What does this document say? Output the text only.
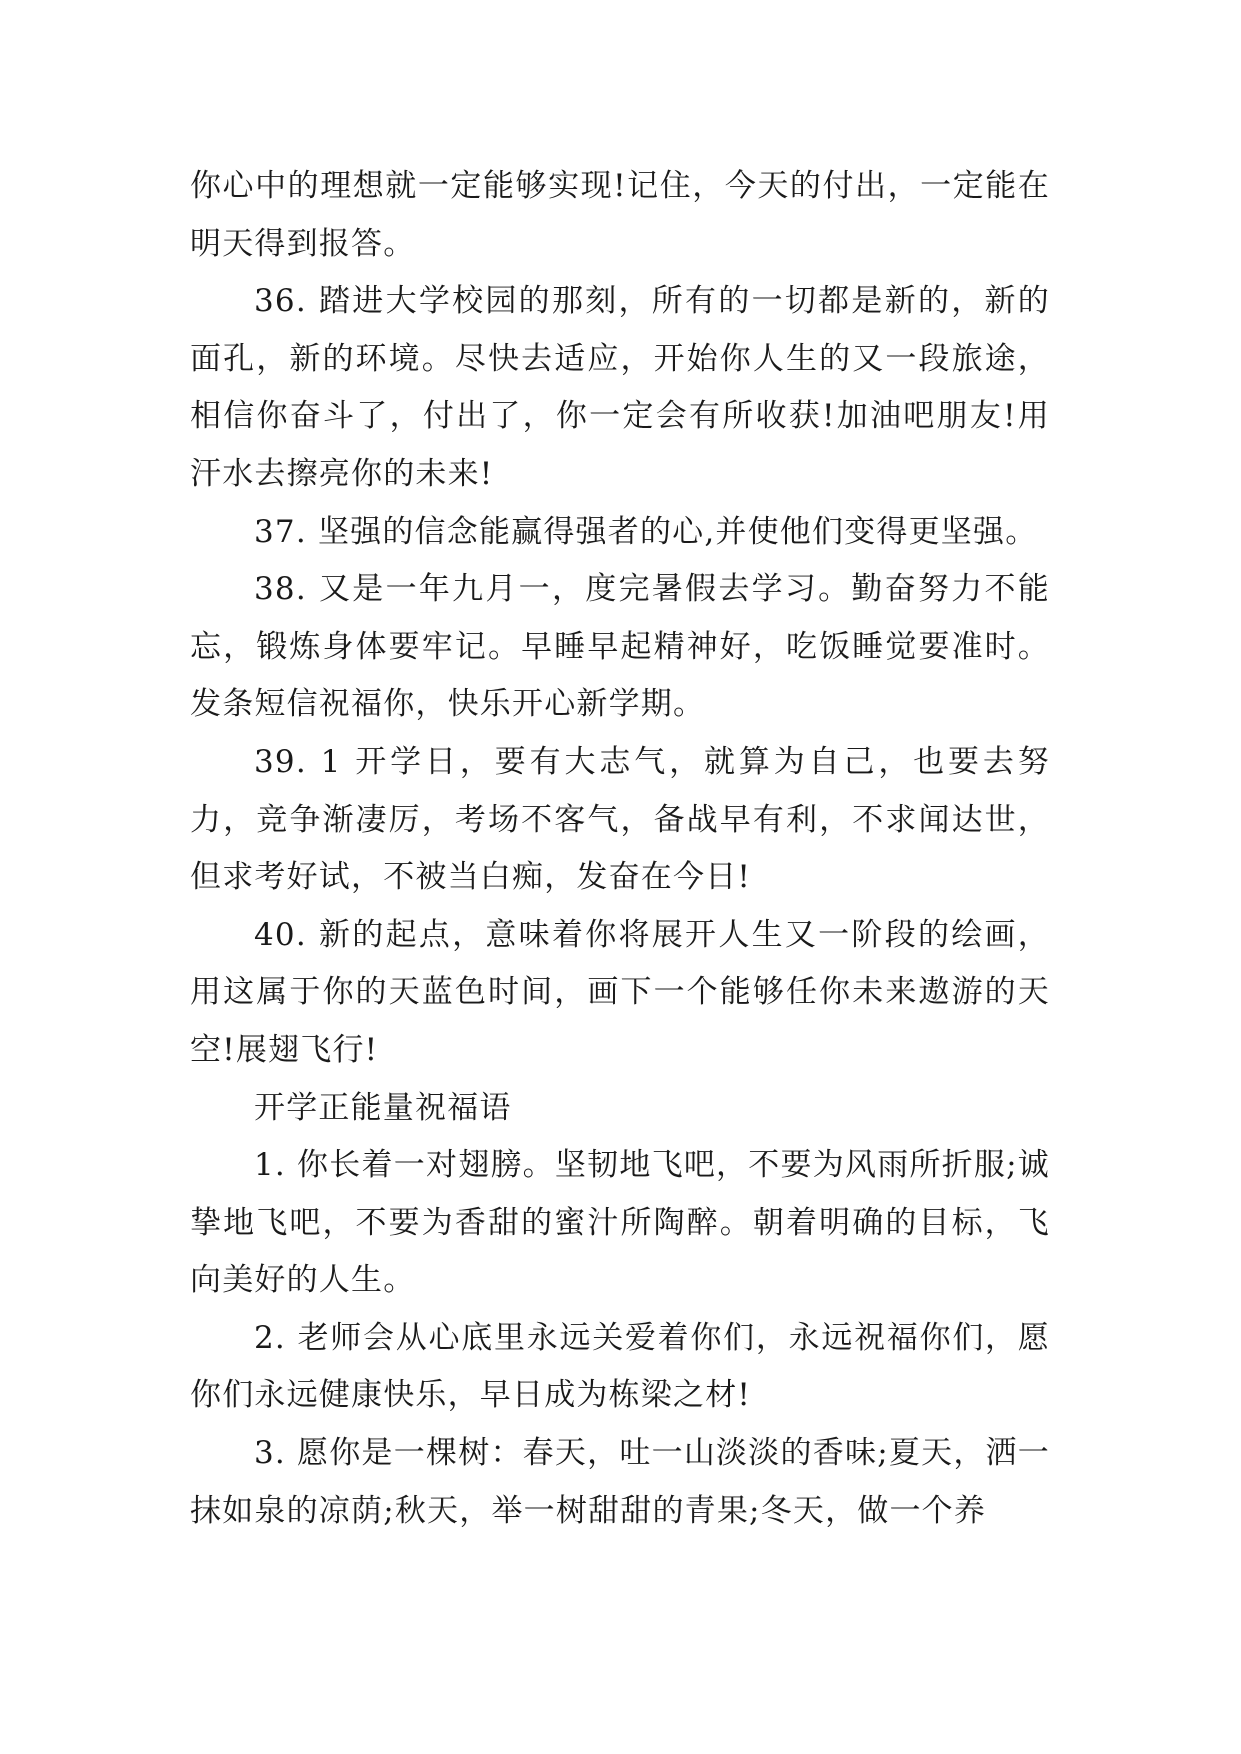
你心中的理想就一定能够实现!记住，今天的付出，一定能在明天得到报答。

36. 踏进大学校园的那刻，所有的一切都是新的，新的面孔，新的环境。尽快去适应，开始你人生的又一段旅途，相信你奋斗了，付出了，你一定会有所收获!加油吧朋友!用汗水去擦亮你的未来!

37. 坚强的信念能赢得强者的心,并使他们变得更坚强。

38. 又是一年九月一，度完暑假去学习。勤奋努力不能忘，锻炼身体要牢记。早睡早起精神好，吃饭睡觉要准时。发条短信祝福你，快乐开心新学期。

39. 1 开学日，要有大志气，就算为自己，也要去努力，竞争渐凄厉，考场不客气，备战早有利，不求闻达世，但求考好试，不被当白痴，发奋在今日!

40. 新的起点，意味着你将展开人生又一阶段的绘画，用这属于你的天蓝色时间，画下一个能够任你未来遨游的天空!展翅飞行!

开学正能量祝福语

1. 你长着一对翅膀。坚韧地飞吧，不要为风雨所折服;诚挚地飞吧，不要为香甜的蜜汁所陶醉。朝着明确的目标，飞向美好的人生。

2. 老师会从心底里永远关爱着你们，永远祝福你们，愿你们永远健康快乐，早日成为栋梁之材!

3. 愿你是一棵树：春天，吐一山淡淡的香味;夏天，洒一抹如泉的凉荫;秋天，举一树甜甜的青果;冬天，做一个养
